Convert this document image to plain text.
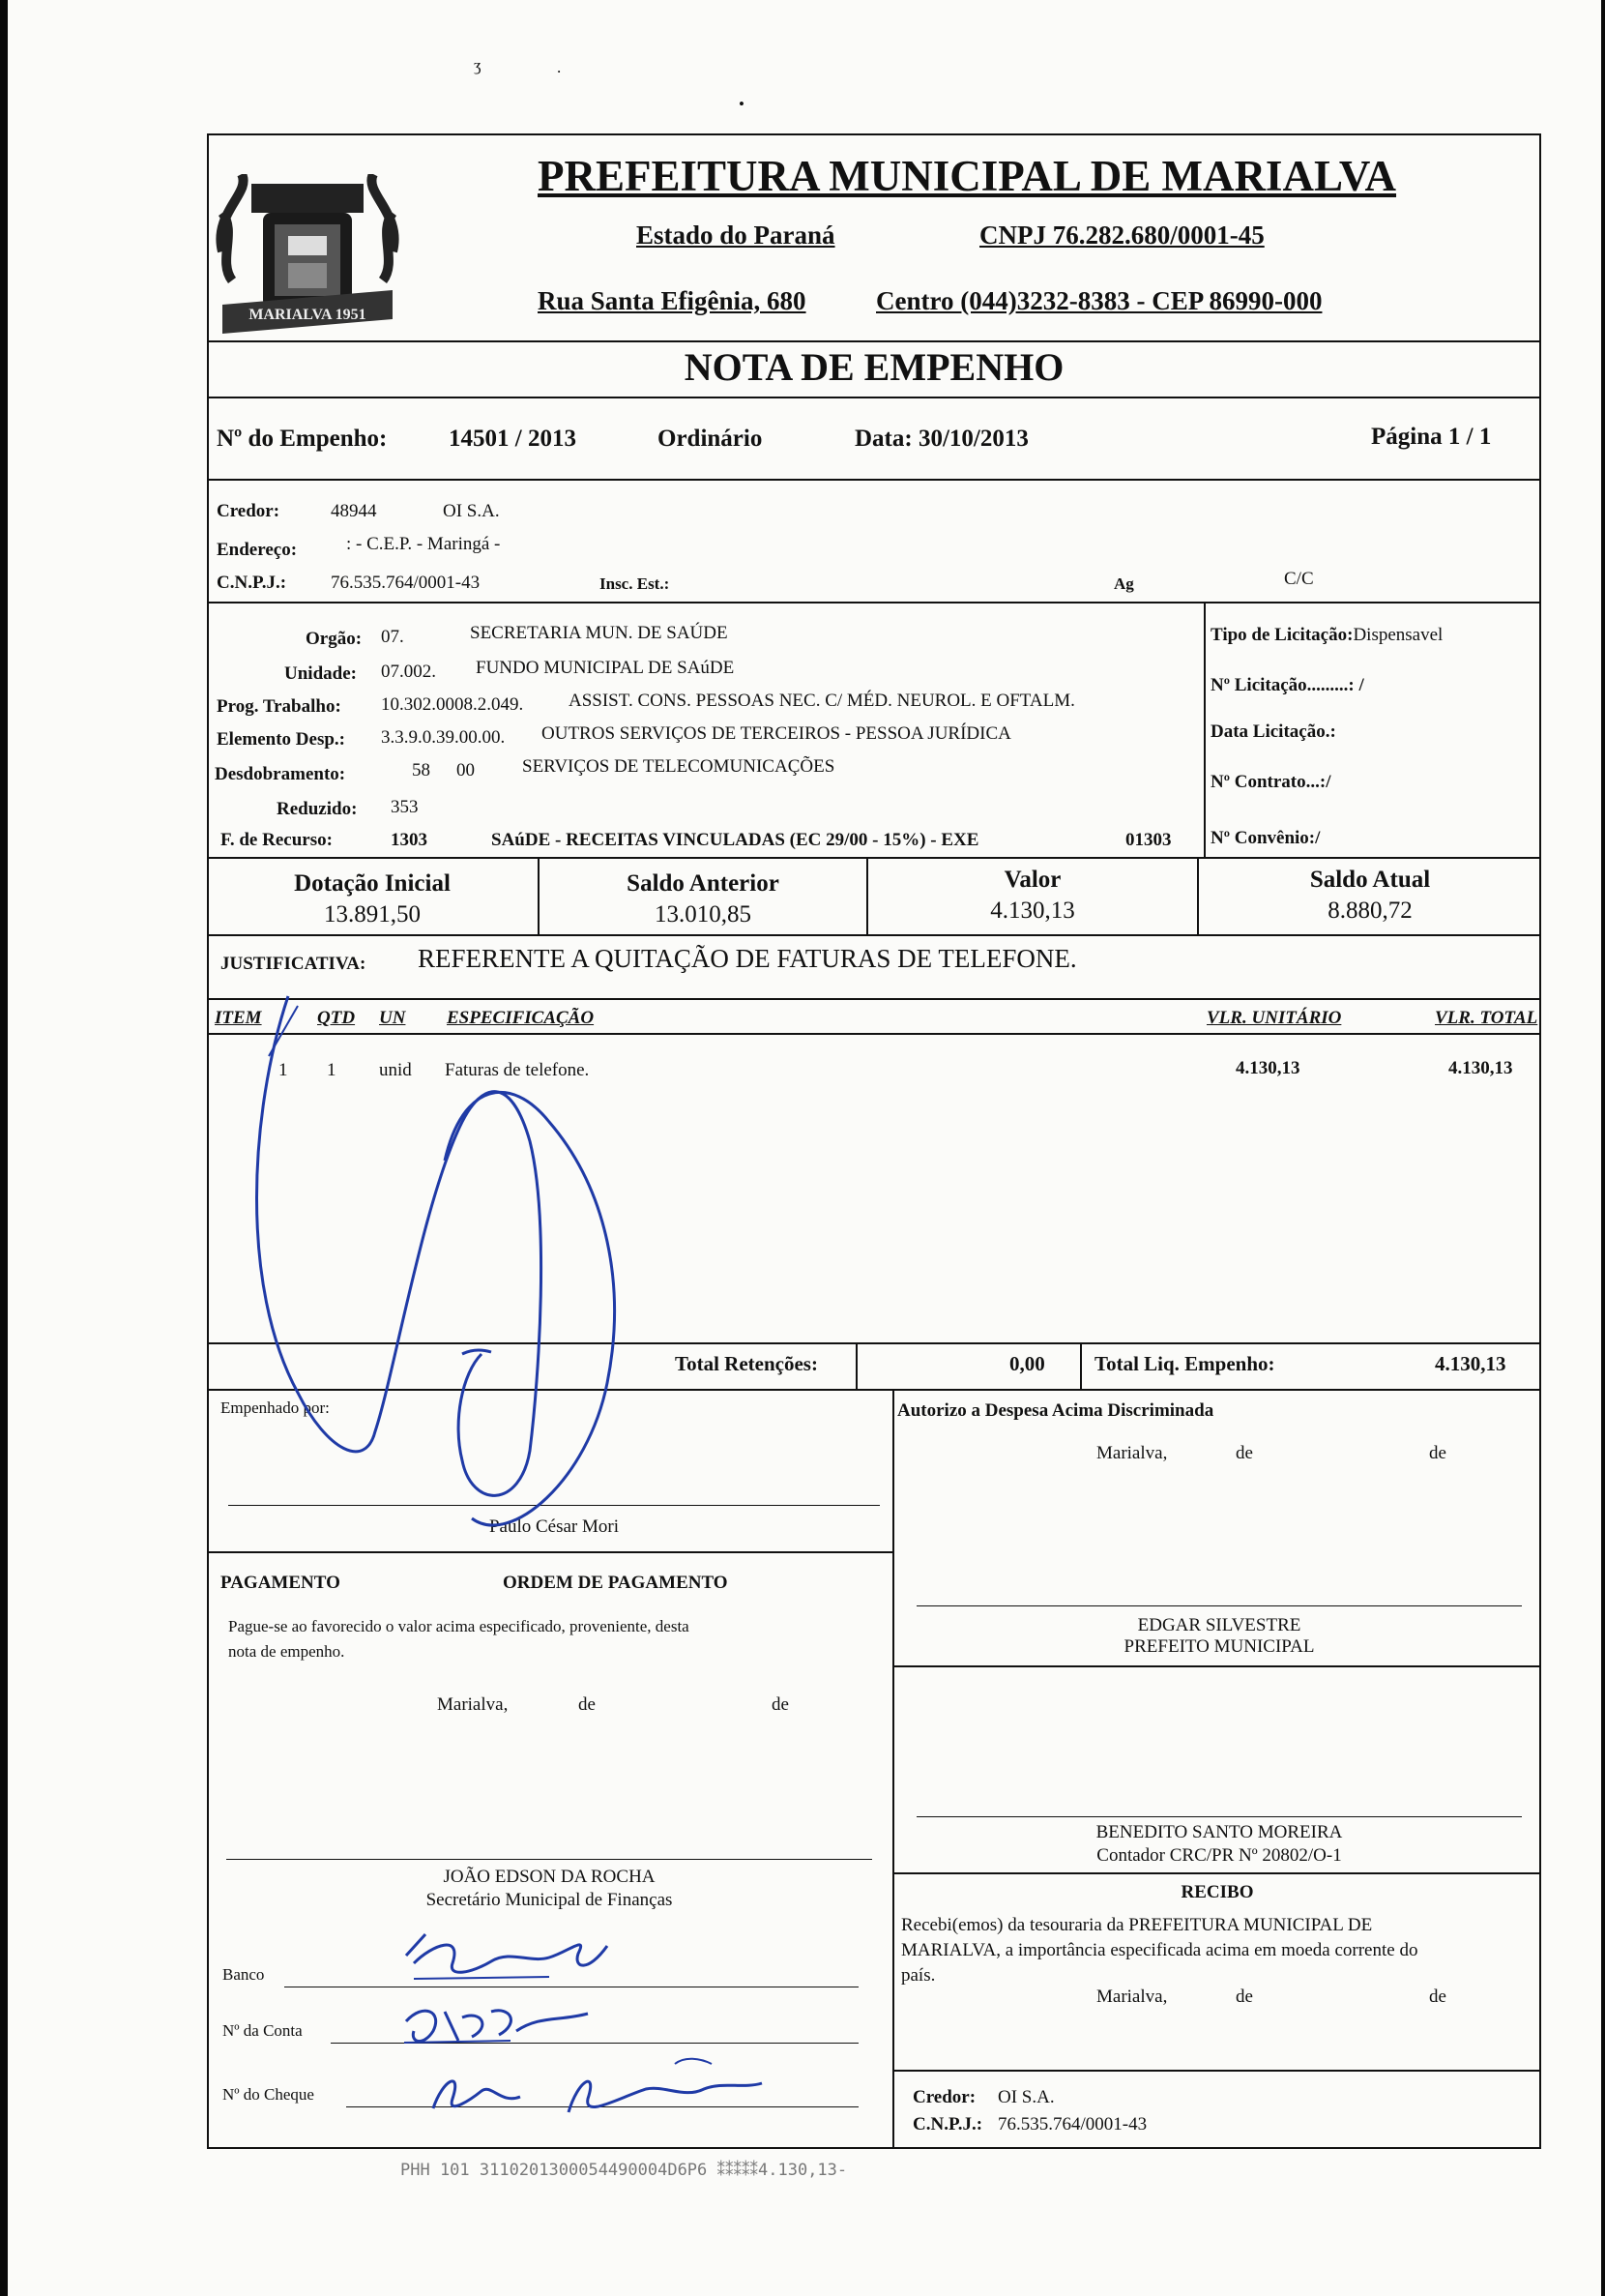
ʒ	.
•
MARIALVA 1951
PREFEITURA MUNICIPAL DE MARIALVA
Estado do Paraná	CNPJ 76.282.680/0001-45
Rua Santa Efigênia, 680	Centro (044)3232-8383 - CEP 86990-000
NOTA DE EMPENHO
Nº do Empenho:	14501 / 2013	Ordinário	Data: 30/10/2013	Página 1 / 1
Credor:	48944	OI S.A.
Endereço:	: - C.E.P. - Maringá -
C.N.P.J.: 76.535.764/0001-43	Insc. Est.:	Ag	C/C
Orgão: 07.	SECRETARIA MUN. DE SAÚDE
Unidade: 07.002. FUNDO MUNICIPAL DE SAúDE
Prog. Trabalho: 10.302.0008.2.049. ASSIST. CONS. PESSOAS NEC. C/ MÉD. NEUROL. E OFTALM.
Elemento Desp.: 3.3.9.0.39.00.00. OUTROS SERVIÇOS DE TERCEIROS - PESSOA JURÍDICA
Desdobramento:	58 00	SERVIÇOS DE TELECOMUNICAÇÕES
Reduzido: 353
F. de Recurso:	1303	SAúDE - RECEITAS VINCULADAS (EC 29/00 - 15%) - EXE	01303
Tipo de Licitação:Dispensavel
Nº Licitação.........: /
Data Licitação.:
Nº Contrato...:/
Nº Convênio:/
Dotação Inicial
13.891,50
Saldo Anterior
13.010,85
Valor
4.130,13
Saldo Atual
8.880,72
JUSTIFICATIVA: REFERENTE A QUITAÇÃO DE FATURAS DE TELEFONE.
ITEM	QTD UN ESPECIFICAÇÃO	VLR. UNITÁRIO	VLR. TOTAL
1 1 unid Faturas de telefone.	4.130,13	4.130,13
Total Retenções:	0,00 Total Liq. Empenho:	4.130,13
Empenhado por:
Paulo César Mori
Autorizo a Despesa Acima Discriminada
Marialva,	de	de
PAGAMENTO	ORDEM DE PAGAMENTO
Pague-se ao favorecido o valor acima especificado, proveniente, desta
nota de empenho.
Marialva,	de	de
JOÃO EDSON DA ROCHA
Secretário Municipal de Finanças
Banco
Nº da Conta
Nº do Cheque
EDGAR SILVESTRE
PREFEITO MUNICIPAL
BENEDITO SANTO MOREIRA
Contador CRC/PR Nº 20802/O-1
RECIBO
Recebi(emos) da tesouraria da PREFEITURA MUNICIPAL DE
MARIALVA, a importância especificada acima em moeda corrente do
país.
Marialva,	de	de
Credor: OI S.A.
C.N.P.J.: 76.535.764/0001-43
PHH 101 3110201300054490004D6P6 ⁑⁑⁑⁑⁑4.130,13-
